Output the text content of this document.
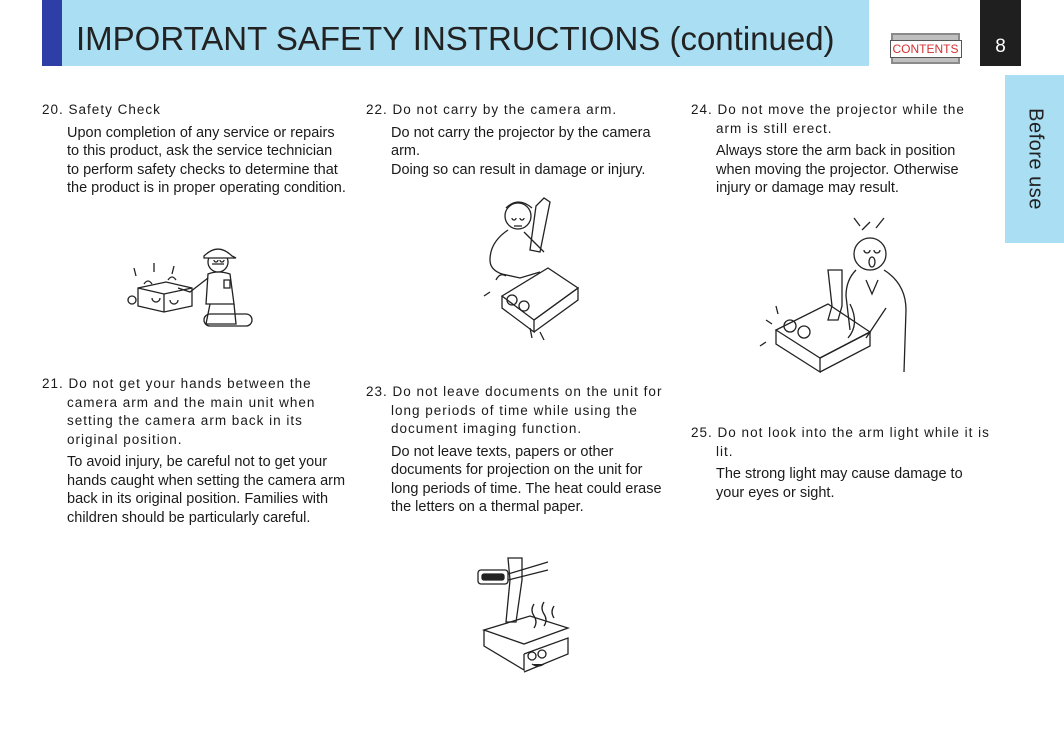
IMPORTANT SAFETY INSTRUCTIONS (continued)	CONTENTS	8
Before use
20. Safety Check
Upon completion of any service or repairs to this product, ask the service technician to perform safety checks to determine that the product is in proper operating condition.
21. Do not get your hands between the camera arm and the main unit when setting the camera arm back in its original position.
To avoid injury, be careful not to get your hands caught when setting the camera arm back in its original position. Families with children should be particularly careful.
22. Do not carry by the camera arm.
Do not carry the projector by the camera arm.
Doing so can result in damage or injury.
23. Do not leave documents on the unit for long periods of time while using the document imaging function.
Do not leave texts, papers or other documents for projection on the unit for long periods of time. The heat could erase the letters on a thermal paper.
24. Do not move the projector while the arm is still erect.
Always store the arm back in position when moving the projector. Otherwise injury or damage may result.
25. Do not look into the arm light while it is lit.
The strong light may cause damage to your eyes or sight.
